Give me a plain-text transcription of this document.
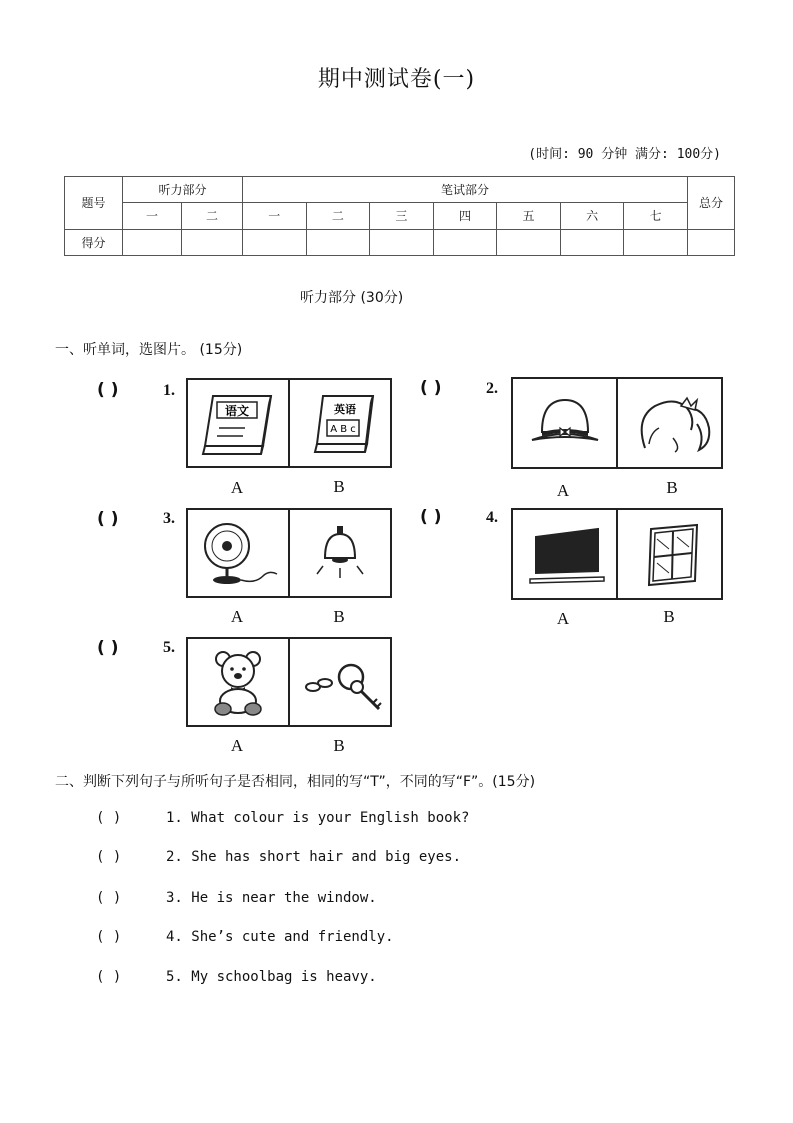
期中测试卷(一)
(时间: 90 分钟 满分: 100分)
题号	听力部分		笔试部分							总分
	一	二	一	二	三	四	五	六	七	
得分										
听力部分 (30分)
一、听单词，选图片。 (15分)
( )	1.
语文	英语
A B c
A	B
( )	2.
A	B
( )	3.
A	B
( )	4.
A	B
( )	5.
A	B
二、判断下列句子与所听句子是否相同，相同的写“T”，不同的写“F”。(15分)
( )	1. What colour is your English book?
( )	2. She has short hair and big eyes.
( )	3. He is near the window.
( )	4. She’s cute and friendly.
( )	5. My schoolbag is heavy.
